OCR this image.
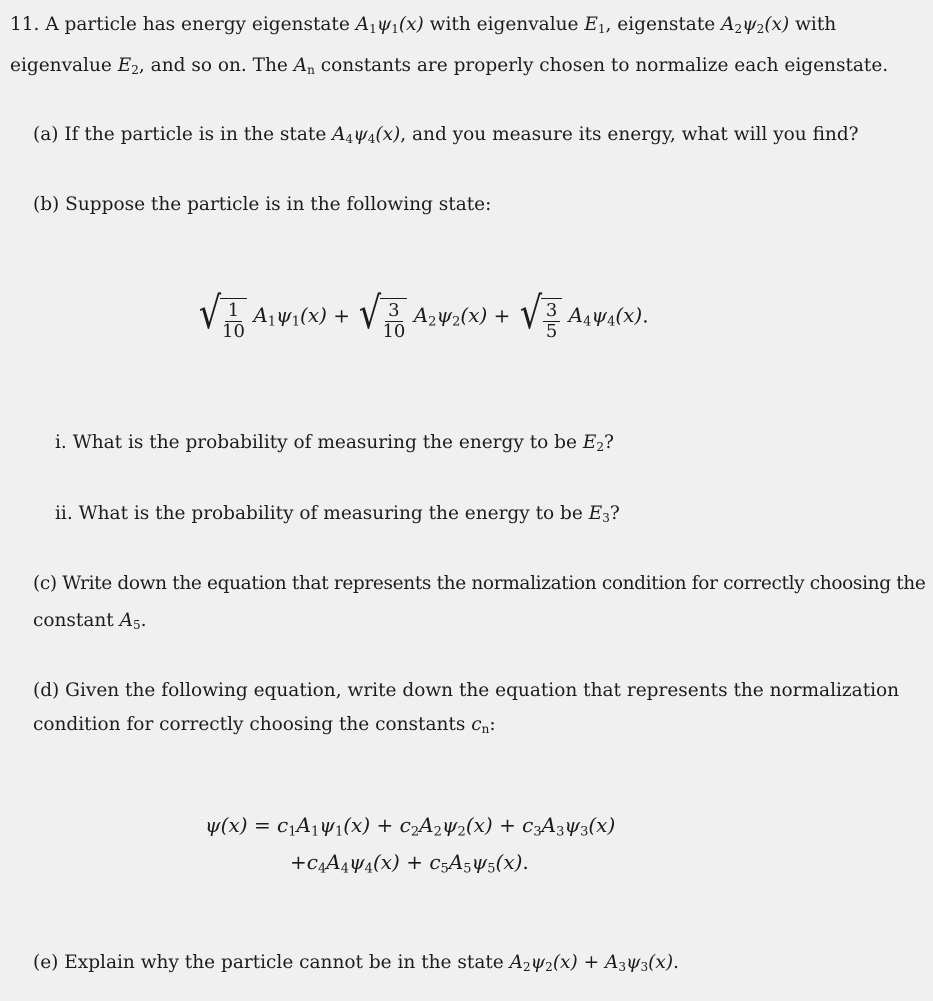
11. A particle has energy eigenstate $A_1\psi_1(x)$ with eigenvalue $E_1$, eigenstate $A_2\psi_2(x)$ with
eigenvalue $E_2$, and so on. The $A_n$ constants are properly chosen to normalize each eigenstate.
(a) If the particle is in the state $A_4\psi_4(x)$, and you measure its energy, what will you find?
(b) Suppose the particle is in the following state:
√ $\frac{1}{10} A_1\psi_1(x)$ + √ $\frac{3}{10} A_2\psi_2(x)$ + √ $\frac{3}{5} A_4\psi_4(x)$.
i. What is the probability of measuring the energy to be $E_2$?
ii. What is the probability of measuring the energy to be $E_3$?
(c) Write down the equation that represents the normalization condition for correctly choosing the
constant $A_5$.
(d) Given the following equation, write down the equation that represents the normalization
condition for correctly choosing the constants $c_n$:
$\psi(x) = c_1A_1\psi_1(x) + c_2A_2\psi_2(x) + c_3A_3\psi_3(x)$
$+c_4A_4\psi_4(x) + c_5A_5\psi_5(x)$.
(e) Explain why the particle cannot be in the state $A_2\psi_2(x) + A_3\psi_3(x)$.
